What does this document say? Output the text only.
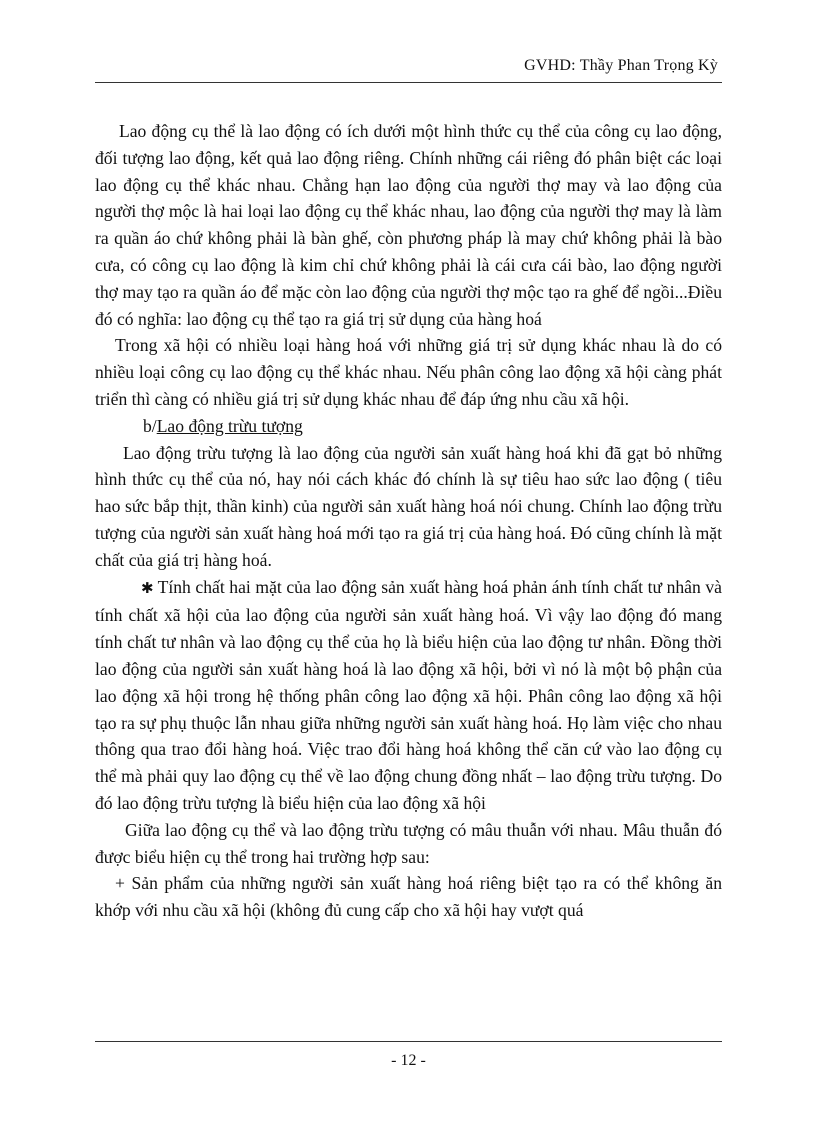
GVHD: Thầy Phan Trọng Kỳ

Lao động cụ thể là lao động có ích dưới một hình thức cụ thể của công cụ lao động, đối tượng lao động, kết quả lao động riêng. Chính những cái riêng đó phân biệt các loại lao động cụ thể khác nhau. Chẳng hạn lao động của người thợ may và lao động của người thợ mộc là hai loại lao động cụ thể khác nhau, lao động của người thợ may là làm ra quần áo chứ không phải là bàn ghế, còn phương pháp là may chứ không phải là bào cưa, có công cụ lao động là kim chỉ chứ không phải là cái cưa cái bào, lao động người thợ may tạo ra quần áo để mặc còn lao động của người thợ mộc tạo ra ghế để ngồi...Điều đó có nghĩa: lao động cụ thể tạo ra giá trị sử dụng của hàng hoá

Trong xã hội có nhiều loại hàng hoá với những giá trị sử dụng khác nhau là do có nhiều loại công cụ lao động cụ thể khác nhau. Nếu phân công lao động xã hội càng phát triển thì càng có nhiều giá trị sử dụng khác nhau để đáp ứng nhu cầu xã hội.

b/Lao động trừu tượng

Lao động trừu tượng là lao động của người sản xuất hàng hoá khi đã gạt bỏ những hình thức cụ thể của nó, hay nói cách khác đó chính là sự tiêu hao sức lao động ( tiêu hao sức bắp thịt, thần kinh) của người sản xuất hàng hoá nói chung. Chính lao động trừu tượng của người sản xuất hàng hoá mới tạo ra giá trị của hàng hoá. Đó cũng chính là mặt chất của giá trị hàng hoá.

✱ Tính chất hai mặt của lao động sản xuất hàng hoá phản ánh tính chất tư nhân và tính chất xã hội của lao động của người sản xuất hàng hoá. Vì vậy lao động đó mang tính chất tư nhân và lao động cụ thể của họ là biểu hiện của lao động tư nhân. Đồng thời lao động của người sản xuất hàng hoá là lao động xã hội, bởi vì nó là một bộ phận của lao động xã hội trong hệ thống phân công lao động xã hội. Phân công lao động xã hội tạo ra sự phụ thuộc lẫn nhau giữa những người sản xuất hàng hoá. Họ làm việc cho nhau thông qua trao đổi hàng hoá. Việc trao đổi hàng hoá không thể căn cứ vào lao động cụ thể mà phải quy lao động cụ thể về lao động chung đồng nhất – lao động trừu tượng. Do đó lao động trừu tượng là biểu hiện của lao động xã hội

Giữa lao động cụ thể và lao động trừu tượng có mâu thuẫn với nhau. Mâu thuẫn đó được biểu hiện cụ thể trong hai trường hợp sau:

+ Sản phẩm của những người sản xuất hàng hoá riêng biệt tạo ra có thể không ăn khớp với nhu cầu xã hội (không đủ cung cấp cho xã hội hay vượt quá

- 12 -
